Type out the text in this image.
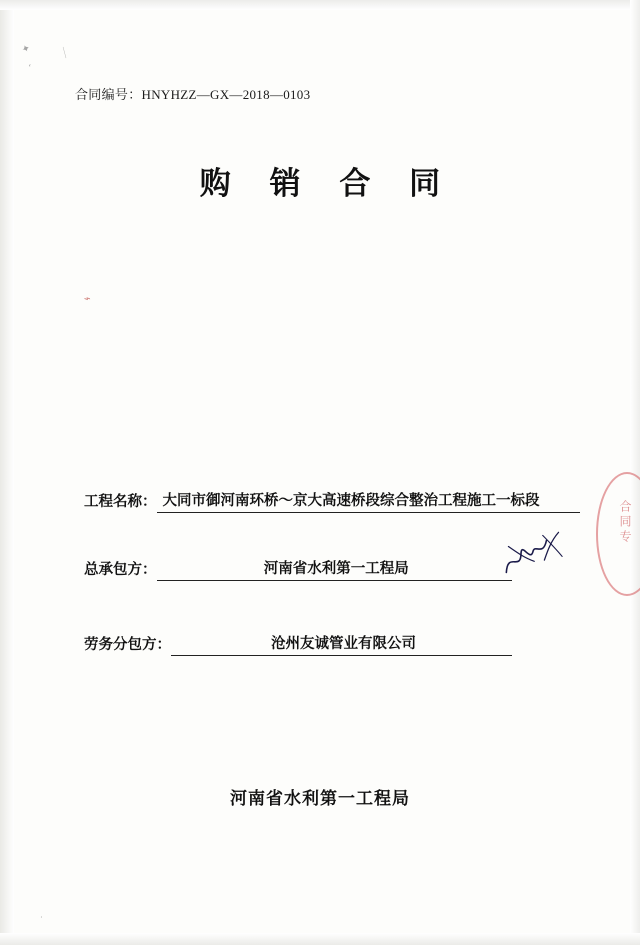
✦
ʻ
／
⌁
·
合同编号：HNYHZZ—GX—2018—0103
购 销 合 同
工程名称： 大同市御河南环桥～京大高速桥段综合整治工程施工一标段
总承包方：	河南省水利第一工程局
劳务分包方：	沧州友诚管业有限公司
合同专
河南省水利第一工程局
